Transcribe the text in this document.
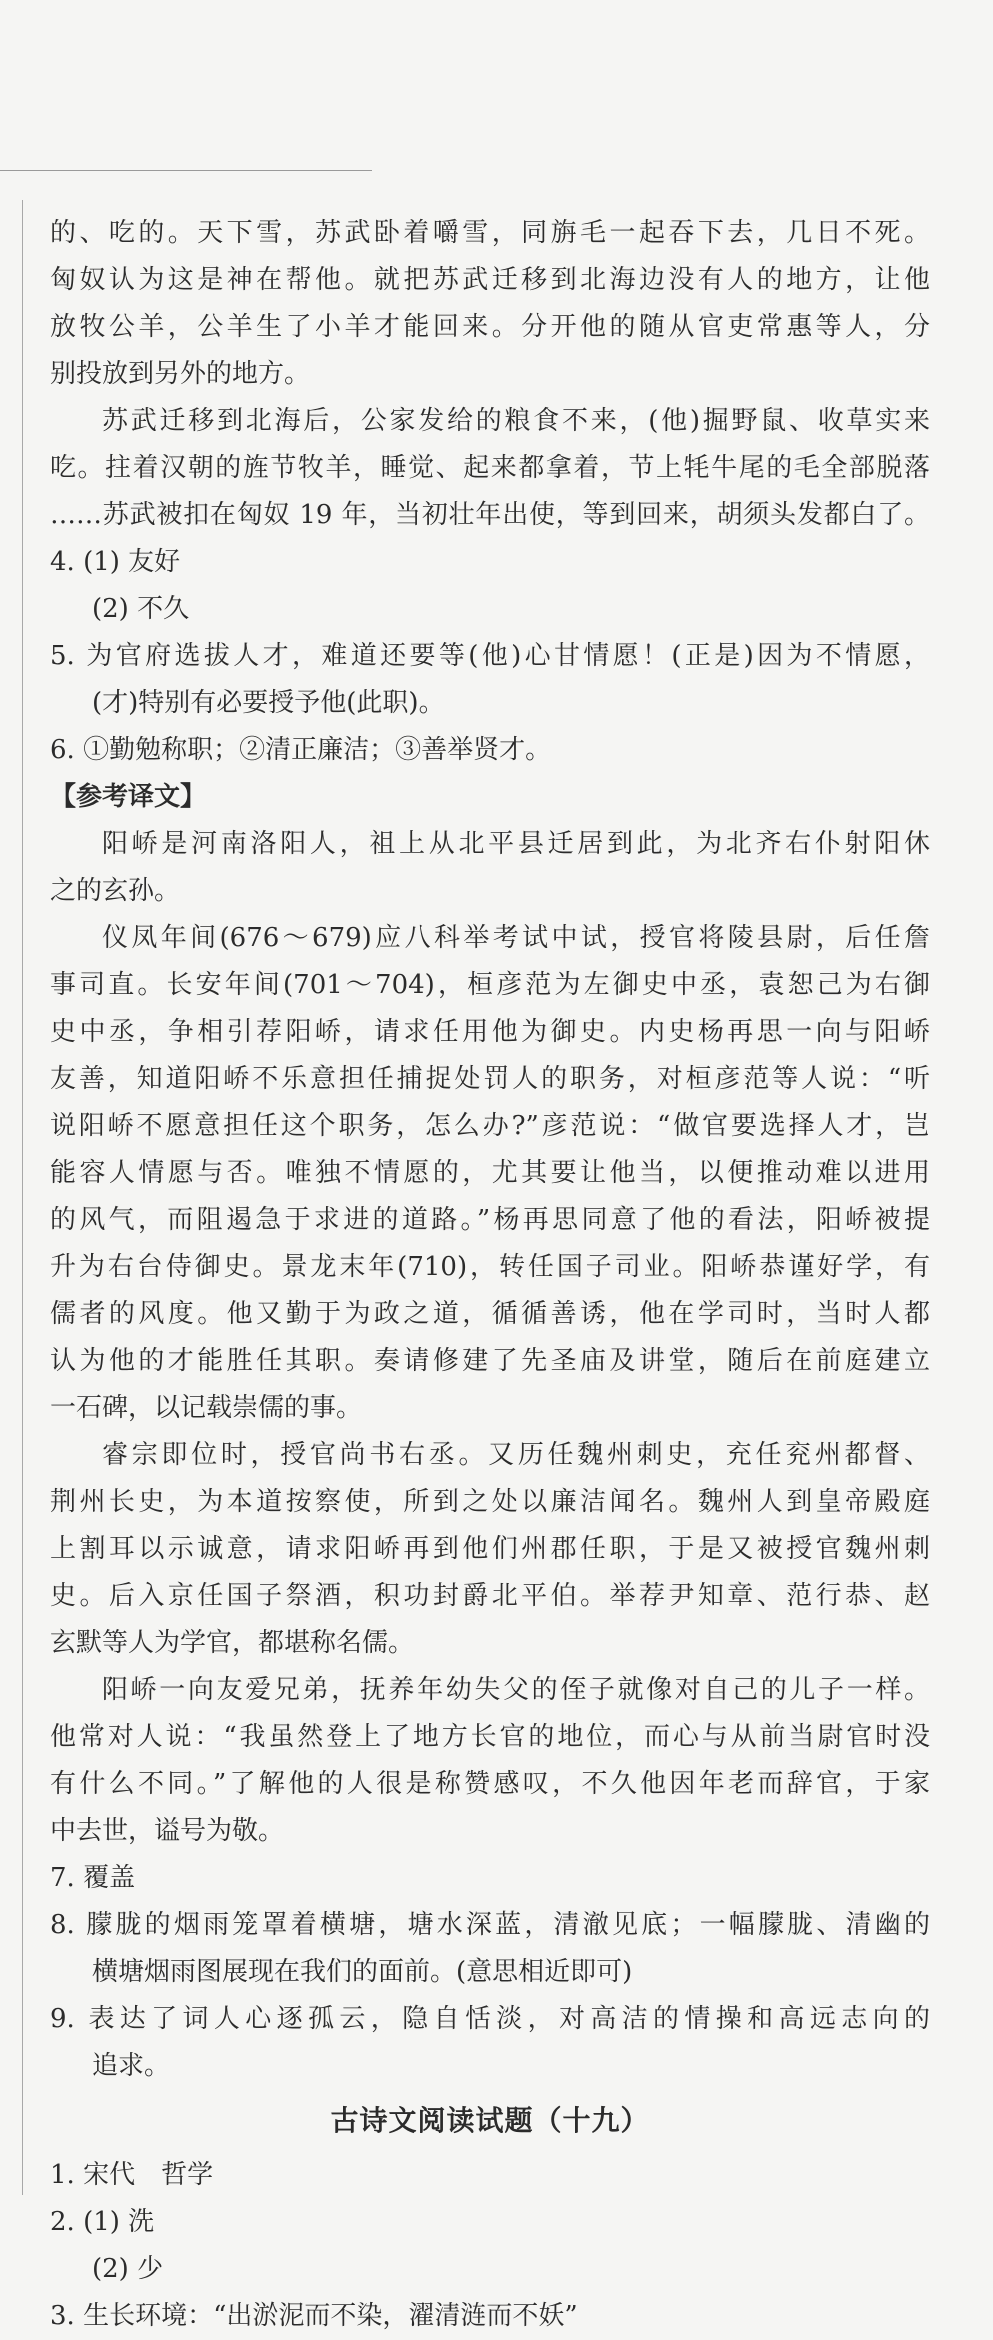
的、吃的。天下雪，苏武卧着嚼雪，同旃毛一起吞下去，几日不死。
匈奴认为这是神在帮他。就把苏武迁移到北海边没有人的地方，让他
放牧公羊，公羊生了小羊才能回来。分开他的随从官吏常惠等人，分
别投放到另外的地方。
苏武迁移到北海后，公家发给的粮食不来，(他)掘野鼠、收草实来
吃。拄着汉朝的旌节牧羊，睡觉、起来都拿着，节上牦牛尾的毛全部脱落
……苏武被扣在匈奴 19 年，当初壮年出使，等到回来，胡须头发都白了。
4. (1) 友好
(2) 不久
5. 为官府选拔人才，难道还要等(他)心甘情愿！(正是)因为不情愿，
(才)特别有必要授予他(此职)。
6. ①勤勉称职；②清正廉洁；③善举贤才。
【参考译文】
阳峤是河南洛阳人，祖上从北平县迁居到此，为北齐右仆射阳休
之的玄孙。
仪凤年间(676～679)应八科举考试中试，授官将陵县尉，后任詹
事司直。长安年间(701～704)，桓彦范为左御史中丞，袁恕己为右御
史中丞，争相引荐阳峤，请求任用他为御史。内史杨再思一向与阳峤
友善，知道阳峤不乐意担任捕捉处罚人的职务，对桓彦范等人说：“听
说阳峤不愿意担任这个职务，怎么办?”彦范说：“做官要选择人才，岂
能容人情愿与否。唯独不情愿的，尤其要让他当，以便推动难以进用
的风气，而阻遏急于求进的道路。”杨再思同意了他的看法，阳峤被提
升为右台侍御史。景龙末年(710)，转任国子司业。阳峤恭谨好学，有
儒者的风度。他又勤于为政之道，循循善诱，他在学司时，当时人都
认为他的才能胜任其职。奏请修建了先圣庙及讲堂，随后在前庭建立
一石碑，以记载崇儒的事。
睿宗即位时，授官尚书右丞。又历任魏州刺史，充任兖州都督、
荆州长史，为本道按察使，所到之处以廉洁闻名。魏州人到皇帝殿庭
上割耳以示诚意，请求阳峤再到他们州郡任职，于是又被授官魏州刺
史。后入京任国子祭酒，积功封爵北平伯。举荐尹知章、范行恭、赵
玄默等人为学官，都堪称名儒。
阳峤一向友爱兄弟，抚养年幼失父的侄子就像对自己的儿子一样。
他常对人说：“我虽然登上了地方长官的地位，而心与从前当尉官时没
有什么不同。”了解他的人很是称赞感叹，不久他因年老而辞官，于家
中去世，谥号为敬。
7. 覆盖
8. 朦胧的烟雨笼罩着横塘，塘水深蓝，清澈见底；一幅朦胧、清幽的
横塘烟雨图展现在我们的面前。(意思相近即可)
9. 表达了词人心逐孤云，隐自恬淡，对高洁的情操和高远志向的
追求。
古诗文阅读试题（十九）
1. 宋代　哲学
2. (1) 洗
(2) 少
3. 生长环境：“出淤泥而不染，濯清涟而不妖”
